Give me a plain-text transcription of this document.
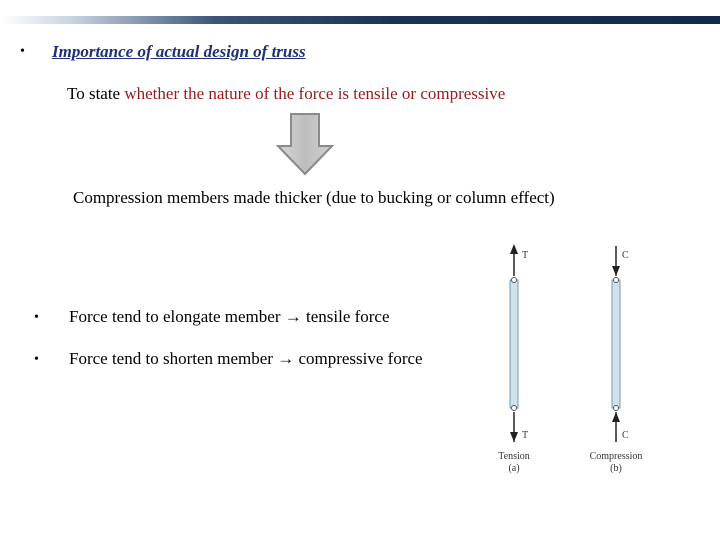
• Importance of actual design of truss
To state whether the nature of the force is tensile or compressive
Compression members made thicker (due to bucking or column effect)
• Force tend to elongate member → tensile force
• Force tend to shorten member → compressive force
T
T
Tension
(a)
C
C
Compression
(b)
